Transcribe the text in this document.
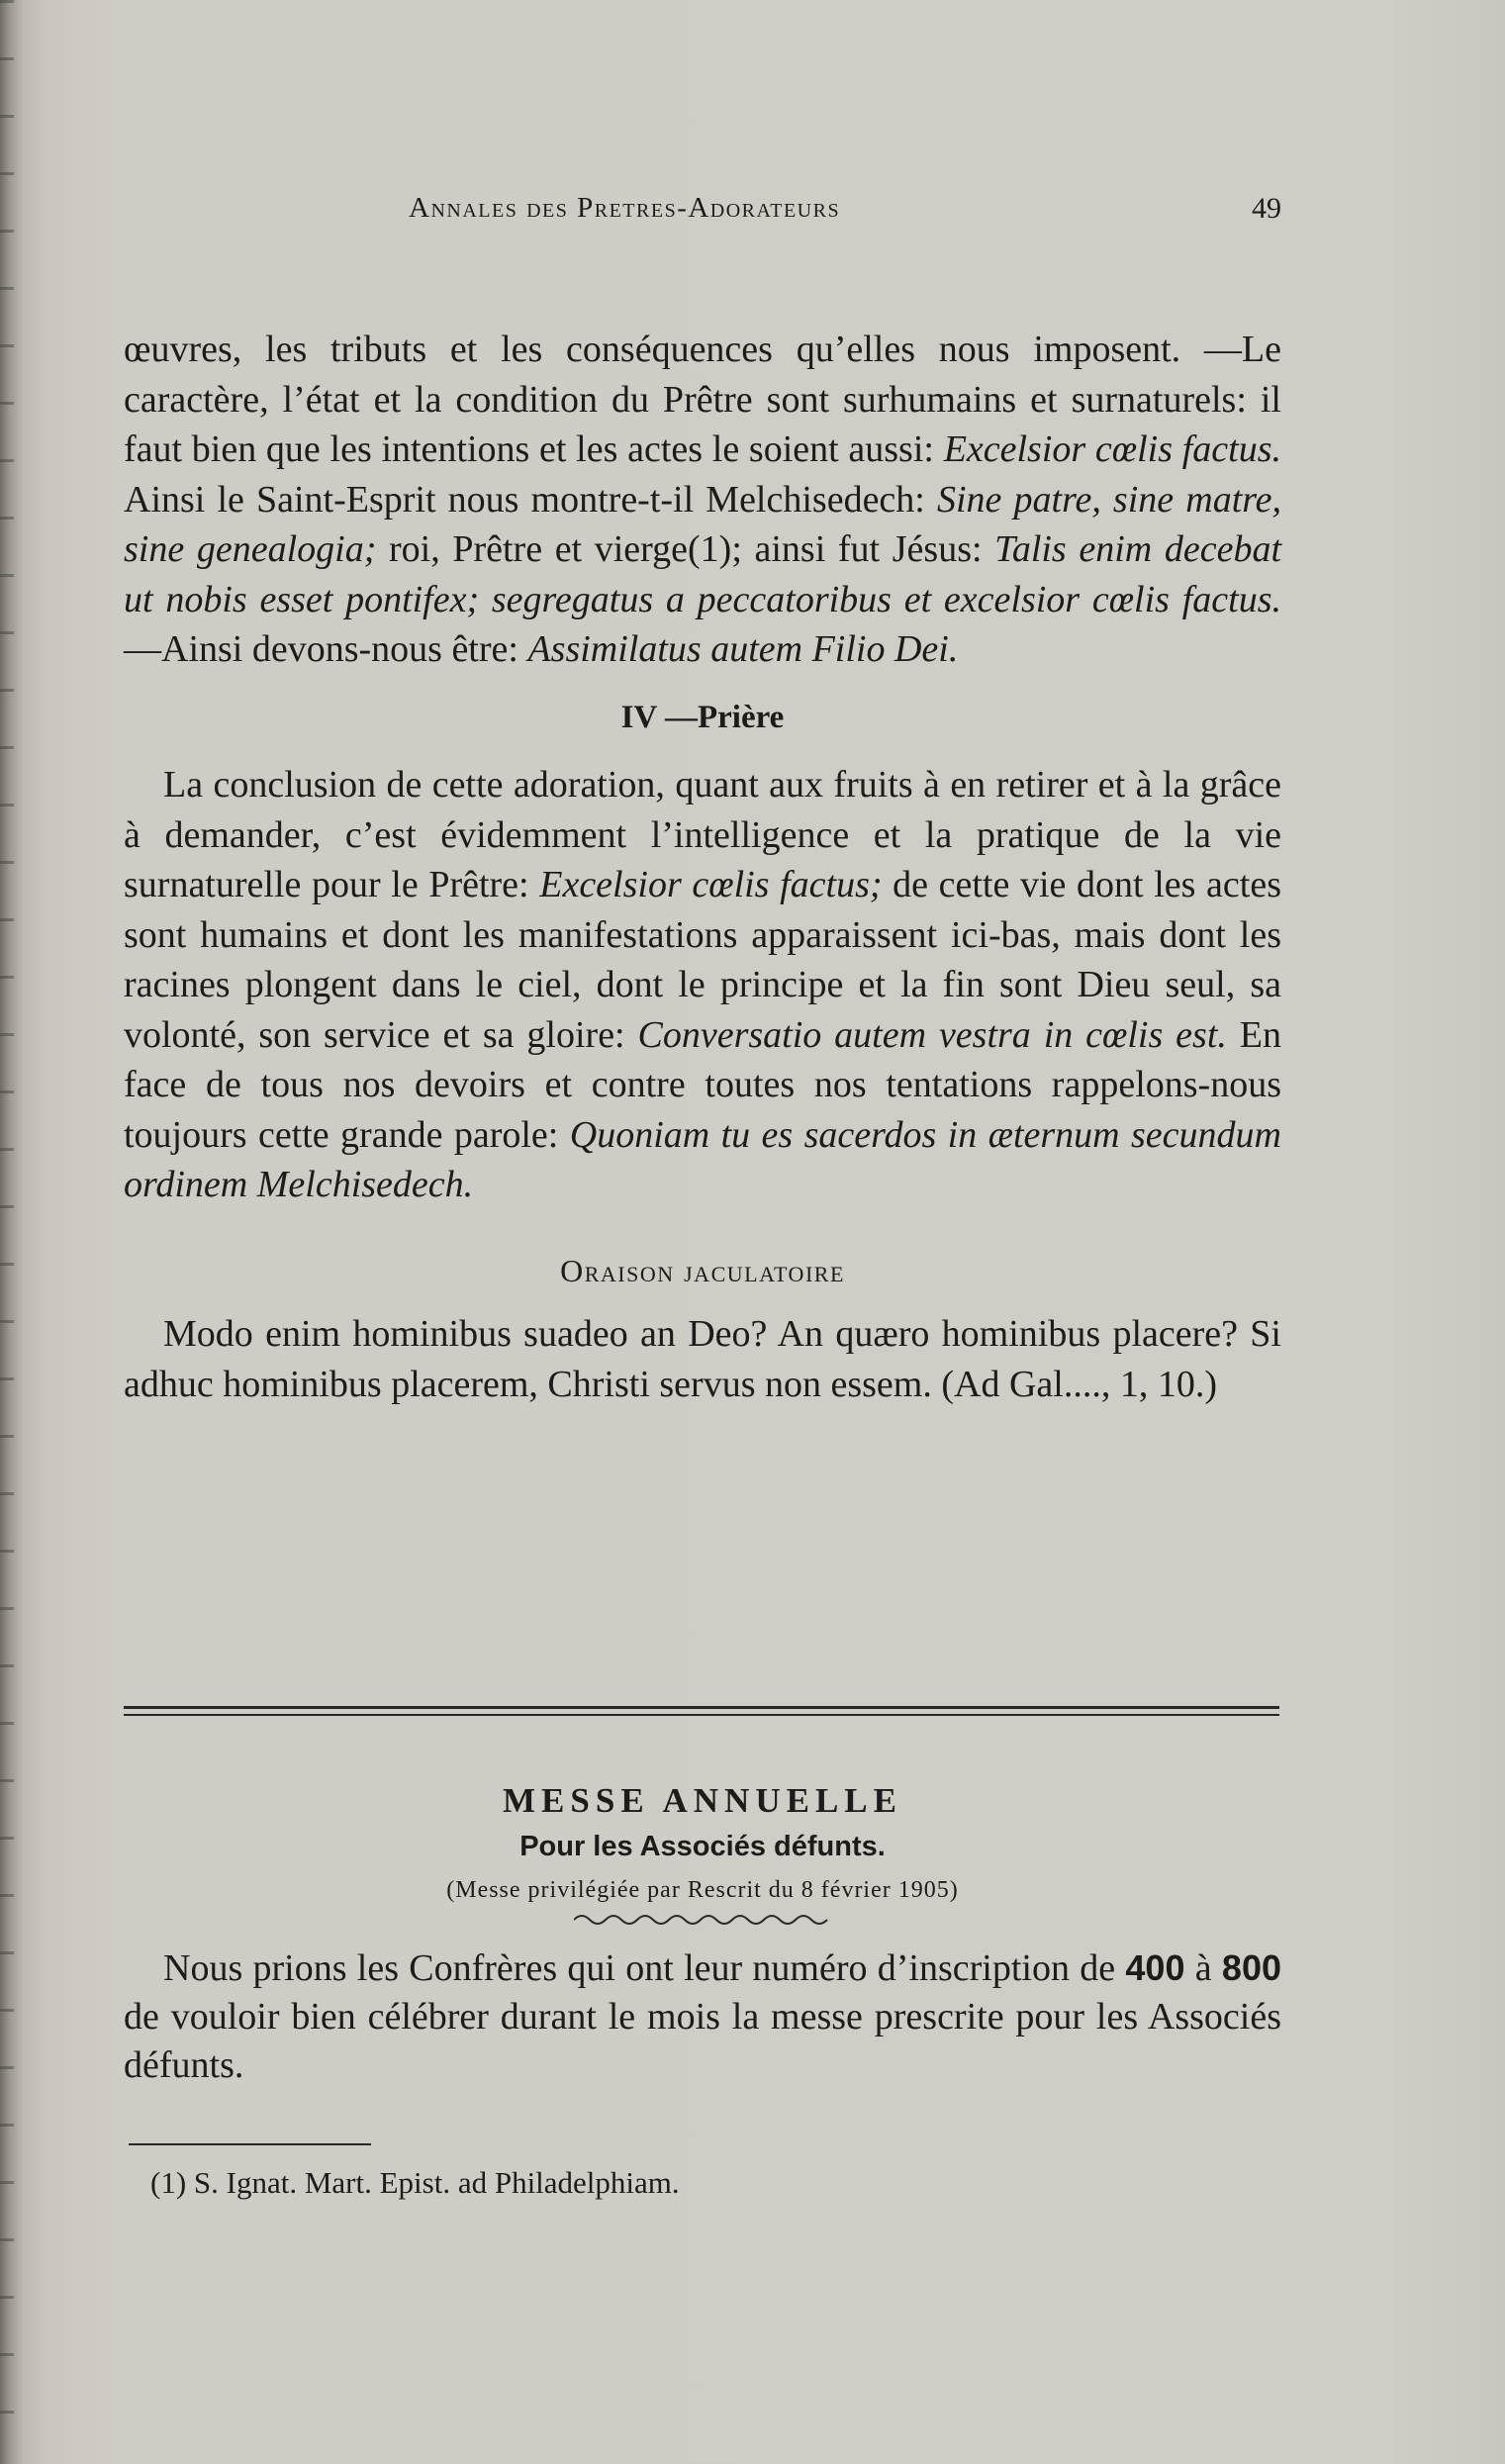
Annales des Pretres-Adorateurs	49

œuvres, les tributs et les conséquences qu’elles nous imposent. —Le caractère, l’état et la condition du Prêtre sont surhumains et surnaturels: il faut bien que les intentions et les actes le soient aussi: Excelsior cœlis factus. Ainsi le Saint-Esprit nous montre-t-il Melchisedech: Sine patre, sine matre, sine genealogia; roi, Prêtre et vierge(1); ainsi fut Jésus: Talis enim decebat ut nobis esset pontifex; segregatus a peccatoribus et excelsior cœlis factus.—Ainsi devons-nous être: Assimilatus autem Filio Dei.

IV —Prière

La conclusion de cette adoration, quant aux fruits à en retirer et à la grâce à demander, c’est évidemment l’intelligence et la pratique de la vie surnaturelle pour le Prêtre: Excelsior cœlis factus; de cette vie dont les actes sont humains et dont les manifestations apparaissent ici-bas, mais dont les racines plongent dans le ciel, dont le principe et la fin sont Dieu seul, sa volonté, son service et sa gloire: Conversatio autem vestra in cœlis est. En face de tous nos devoirs et contre toutes nos tentations rappelons-nous toujours cette grande parole: Quoniam tu es sacerdos in æternum secundum ordinem Melchisedech.

Oraison jaculatoire

Modo enim hominibus suadeo an Deo? An quæro hominibus placere? Si adhuc hominibus placerem, Christi servus non essem. (Ad Gal...., 1, 10.)

MESSE ANNUELLE
Pour les Associés défunts.
(Messe privilégiée par Rescrit du 8 février 1905)

Nous prions les Confrères qui ont leur numéro d’inscription de 400 à 800 de vouloir bien célébrer durant le mois la messe prescrite pour les Associés défunts.

(1) S. Ignat. Mart. Epist. ad Philadelphiam.
